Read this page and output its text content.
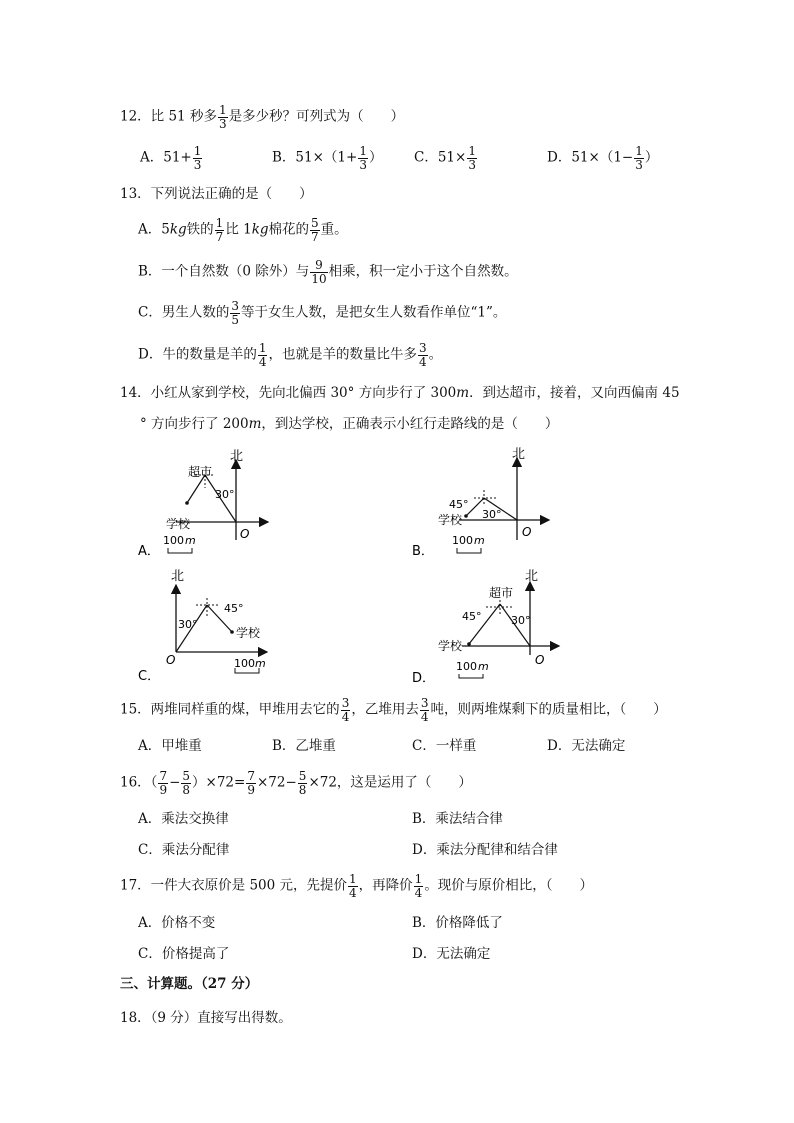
12．比 51 秒多 $\frac{1}{3}$ 是多少秒？可列式为（　　）
A．$51+ \frac{1}{3}$	B．$51\times(1+ \frac{1}{3}$ ） C．$51\times \frac{1}{3}$	D．$51\times(1- \frac{1}{3}$ ）
13．下列说法正确的是（　　）
A．5kg铁的 $\frac{1}{7}$ 比 1kg棉花的 $\frac{5}{7}$ 重。
B．一个自然数（0 除外）与 $\frac{9}{10}$ 相乘，积一定小于这个自然数。
C．男生人数的 $\frac{3}{5}$ 等于女生人数，是把女生人数看作单位“1”。
D．牛的数量是羊的 $\frac{1}{4}$ ，也就是羊的数量比牛多 $\frac{3}{4}$ 。
14．小红从家到学校，先向北偏西 30° 方向步行了 300m．到达超市，接着，又向西偏南 45
° 方向步行了 200m，到达学校，正确表示小红行走路线的是（　　）
北
O
超市
30°
学校
100 m
A．
北
O
45°
30°
学校
100 m
B．
北
O
30°
45°
学校
100 m
C．
北
O
超市
45°	30°
学校
100 m
D．
15．两堆同样重的煤，甲堆用去它的 $\frac{3}{4}$ ，乙堆用去 $\frac{3}{4}$ 吨，则两堆煤剩下的质量相比，（　　）
A．甲堆重	B．乙堆重	C．一样重	D．无法确定
16．（ $\frac{7}{9} - \frac{5}{8} )\times 72= \frac{7}{9} \times 72- \frac{5}{8} \times 72$，这是运用了（　　）
A．乘法交换律	B．乘法结合律
C．乘法分配律	D．乘法分配律和结合律
17．一件大衣原价是 500 元，先提价 $\frac{1}{4}$ ，再降价 $\frac{1}{4}$ 。现价与原价相比，（　　）
A．价格不变	B．价格降低了
C．价格提高了	D．无法确定
三、计算题。（27 分）
18．（9 分）直接写出得数。
